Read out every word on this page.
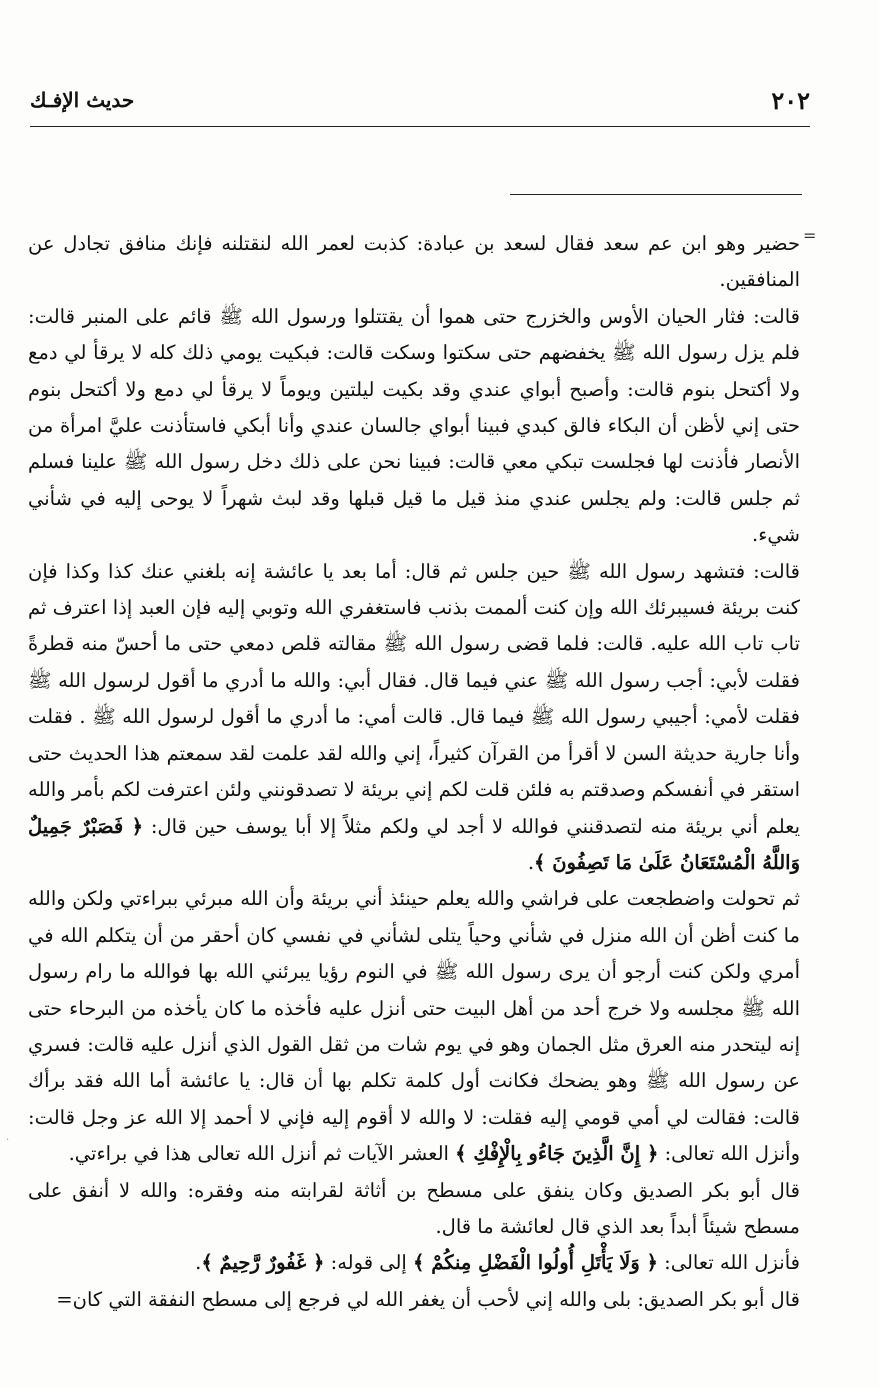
٢٠٢
حديث الإفـك
=

حضير وهو ابن عم سعد فقال لسعد بن عبادة: كذبت لعمر الله لنقتلنه فإنك منافق تجادل عن المنافقين.

قالت: فثار الحيان الأوس والخزرج حتى هموا أن يقتتلوا ورسول الله ﷺ قائم على المنبر قالت: فلم يزل رسول الله ﷺ يخفضهم حتى سكتوا وسكت قالت: فبكيت يومي ذلك كله لا يرقأ لي دمع ولا أكتحل بنوم قالت: وأصبح أبواي عندي وقد بكيت ليلتين ويوماً لا يرقأ لي دمع ولا أكتحل بنوم حتى إني لأظن أن البكاء فالق كبدي فبينا أبواي جالسان عندي وأنا أبكي فاستأذنت عليَّ امرأة من الأنصار فأذنت لها فجلست تبكي معي قالت: فبينا نحن على ذلك دخل رسول الله ﷺ علينا فسلم ثم جلس قالت: ولم يجلس عندي منذ قيل ما قيل قبلها وقد لبث شهراً لا يوحى إليه في شأني شيء.

قالت: فتشهد رسول الله ﷺ حين جلس ثم قال: أما بعد يا عائشة إنه بلغني عنك كذا وكذا فإن كنت بريئة فسيبرئك الله وإن كنت ألممت بذنب فاستغفري الله وتوبي إليه فإن العبد إذا اعترف ثم تاب تاب الله عليه. قالت: فلما قضى رسول الله ﷺ مقالته قلص دمعي حتى ما أحسّ منه قطرةً فقلت لأبي: أجب رسول الله ﷺ عني فيما قال. فقال أبي: والله ما أدري ما أقول لرسول الله ﷺ فقلت لأمي: أجيبي رسول الله ﷺ فيما قال. قالت أمي: ما أدري ما أقول لرسول الله ﷺ . فقلت وأنا جارية حديثة السن لا أقرأ من القرآن كثيراً، إني والله لقد علمت لقد سمعتم هذا الحديث حتى استقر في أنفسكم وصدقتم به فلئن قلت لكم إني بريئة لا تصدقونني ولئن اعترفت لكم بأمر والله يعلم أني بريئة منه لتصدقنني فوالله لا أجد لي ولكم مثلاً إلا أبا يوسف حين قال: ﴿ فَصَبْرٌ جَمِيلٌ وَاللَّهُ الْمُسْتَعَانُ عَلَىٰ مَا تَصِفُونَ ﴾.

ثم تحولت واضطجعت على فراشي والله يعلم حينئذ أني بريئة وأن الله مبرئي ببراءتي ولكن والله ما كنت أظن أن الله منزل في شأني وحياً يتلى لشأني في نفسي كان أحقر من أن يتكلم الله في أمري ولكن كنت أرجو أن يرى رسول الله ﷺ في النوم رؤيا يبرئني الله بها فوالله ما رام رسول الله ﷺ مجلسه ولا خرج أحد من أهل البيت حتى أنزل عليه فأخذه ما كان يأخذه من البرحاء حتى إنه ليتحدر منه العرق مثل الجمان وهو في يوم شات من ثقل القول الذي أنزل عليه قالت: فسري عن رسول الله ﷺ وهو يضحك فكانت أول كلمة تكلم بها أن قال: يا عائشة أما الله فقد برأك قالت: فقالت لي أمي قومي إليه فقلت: لا والله لا أقوم إليه فإني لا أحمد إلا الله عز وجل قالت: وأنزل الله تعالى: ﴿ إِنَّ الَّذِينَ جَاءُو بِالْإِفْكِ ﴾ العشر الآيات ثم أنزل الله تعالى هذا في براءتي.

قال أبو بكر الصديق وكان ينفق على مسطح بن أثاثة لقرابته منه وفقره: والله لا أنفق على مسطح شيئاً أبداً بعد الذي قال لعائشة ما قال.

فأنزل الله تعالى: ﴿ وَلَا يَأْتَلِ أُولُوا الْفَضْلِ مِنكُمْ ﴾ إلى قوله: ﴿ غَفُورٌ رَّحِيمٌ ﴾.

قال أبو بكر الصديق: بلى والله إني لأحب أن يغفر الله لي فرجع إلى مسطح النفقة التي كان=

·
